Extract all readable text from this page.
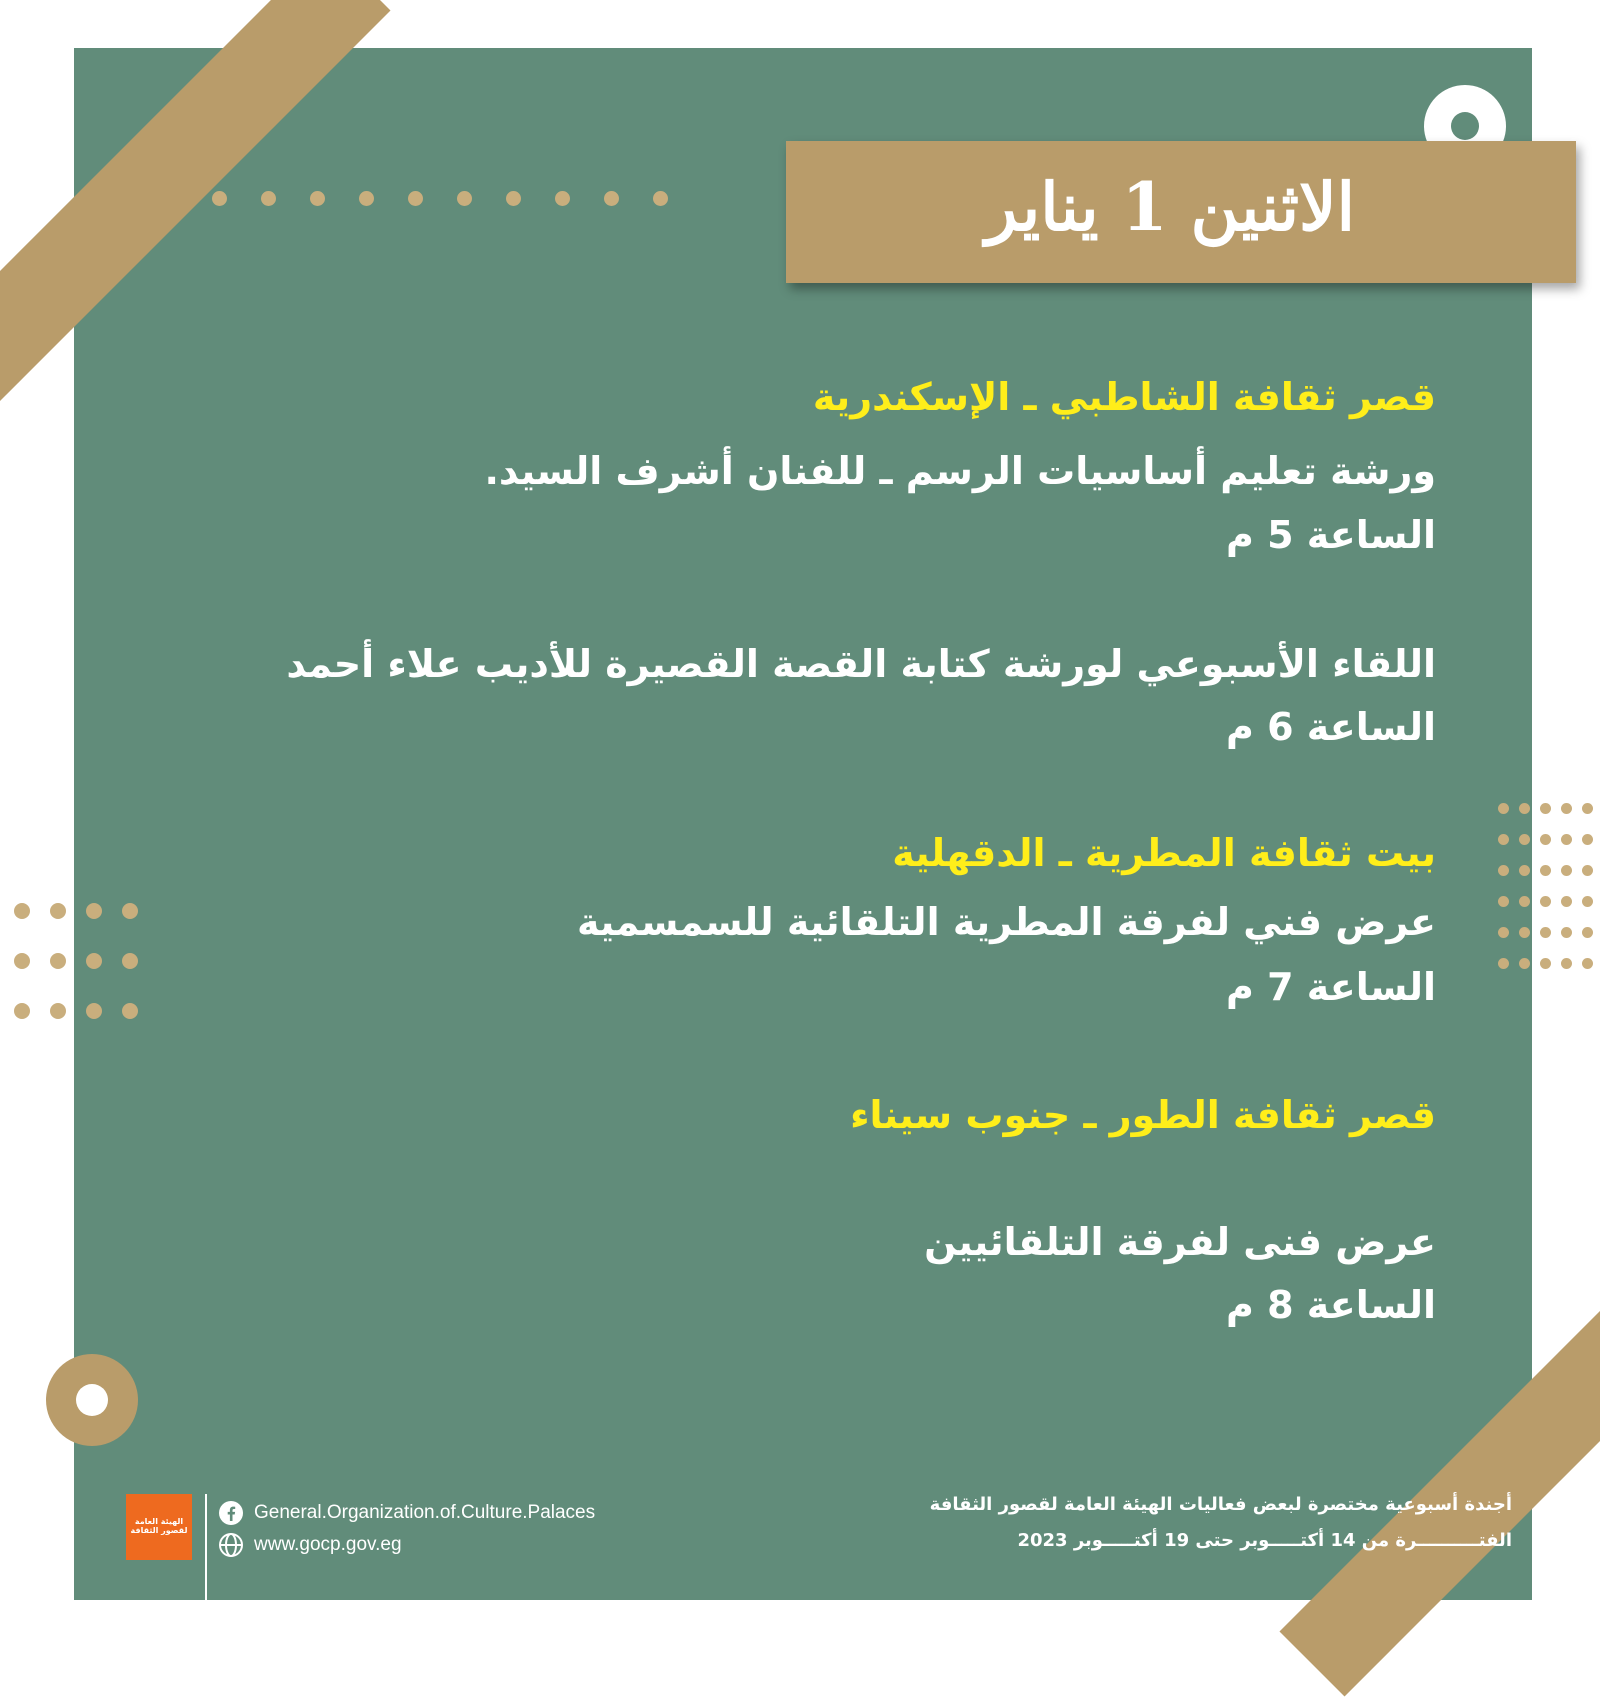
الاثنين 1 يناير
قصر ثقافة الشاطبي ـ الإسكندرية
ورشة تعليم أساسيات الرسم ـ للفنان أشرف السيد.
الساعة 5 م
اللقاء الأسبوعي لورشة كتابة القصة القصيرة للأديب علاء أحمد
الساعة 6 م
بيت ثقافة المطرية ـ الدقهلية
عرض فني لفرقة المطرية التلقائية للسمسمية
الساعة 7 م
قصر ثقافة الطور ـ جنوب سيناء
عرض فنى لفرقة التلقائيين
الساعة 8 م
أجندة أسبوعية مختصرة لبعض فعاليات الهيئة العامة لقصور الثقافة
الفتــــــــــرة من 14 أكتـــــوبر حتى 19 أكتـــــوبر 2023
الهيئة العامة لقصور الثقافة
General.Organization.of.Culture.Palaces
www.gocp.gov.eg
